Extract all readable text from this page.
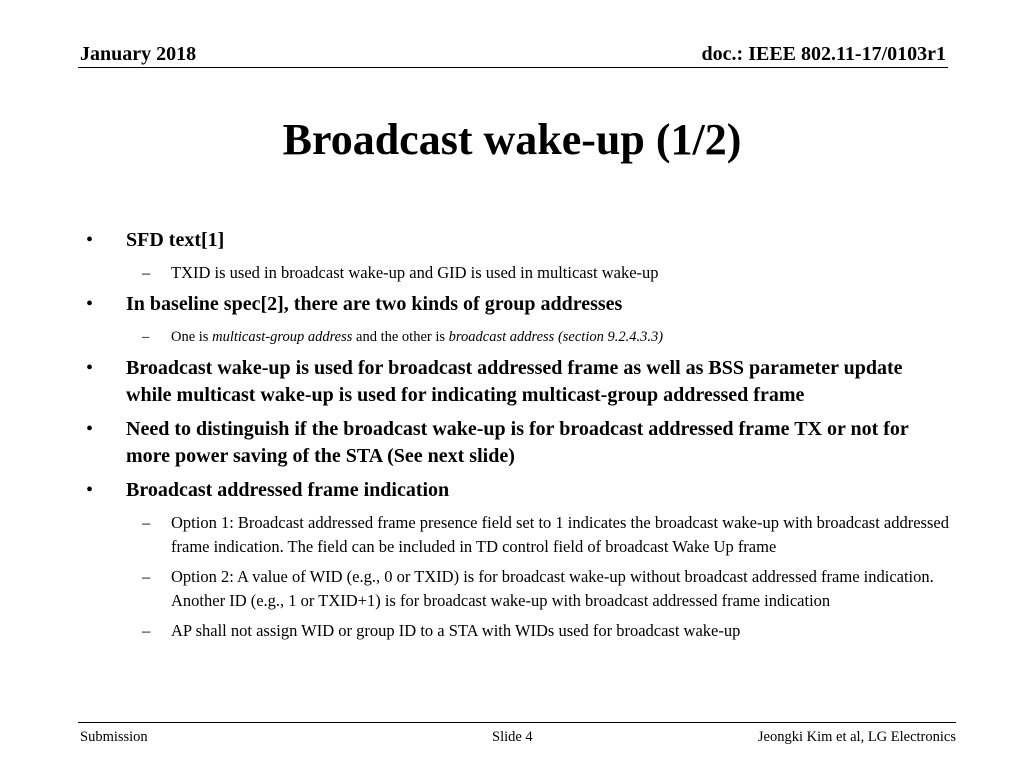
January 2018	doc.: IEEE 802.11-17/0103r1
Broadcast wake-up (1/2)
• SFD text[1]
– TXID is used in broadcast wake-up and GID is used in multicast wake-up
• In baseline spec[2], there are two kinds of group addresses
– One is multicast-group address and the other is broadcast address (section 9.2.4.3.3)
• Broadcast wake-up is used for broadcast addressed frame as well as BSS parameter update while multicast wake-up is used for indicating multicast-group addressed frame
• Need to distinguish if the broadcast wake-up is for broadcast addressed frame TX or not for more power saving of the STA (See next slide)
• Broadcast addressed frame indication
– Option 1: Broadcast addressed frame presence field set to 1 indicates the broadcast wake-up with broadcast addressed frame indication. The field can be included in TD control field of broadcast Wake Up frame
– Option 2: A value of WID (e.g., 0 or TXID) is for broadcast wake-up without broadcast addressed frame indication. Another ID (e.g., 1 or TXID+1) is for broadcast wake-up with broadcast addressed frame indication
– AP shall not assign WID or group ID to a STA with WIDs used for broadcast wake-up
Submission	Slide 4	Jeongki Kim et al, LG Electronics
